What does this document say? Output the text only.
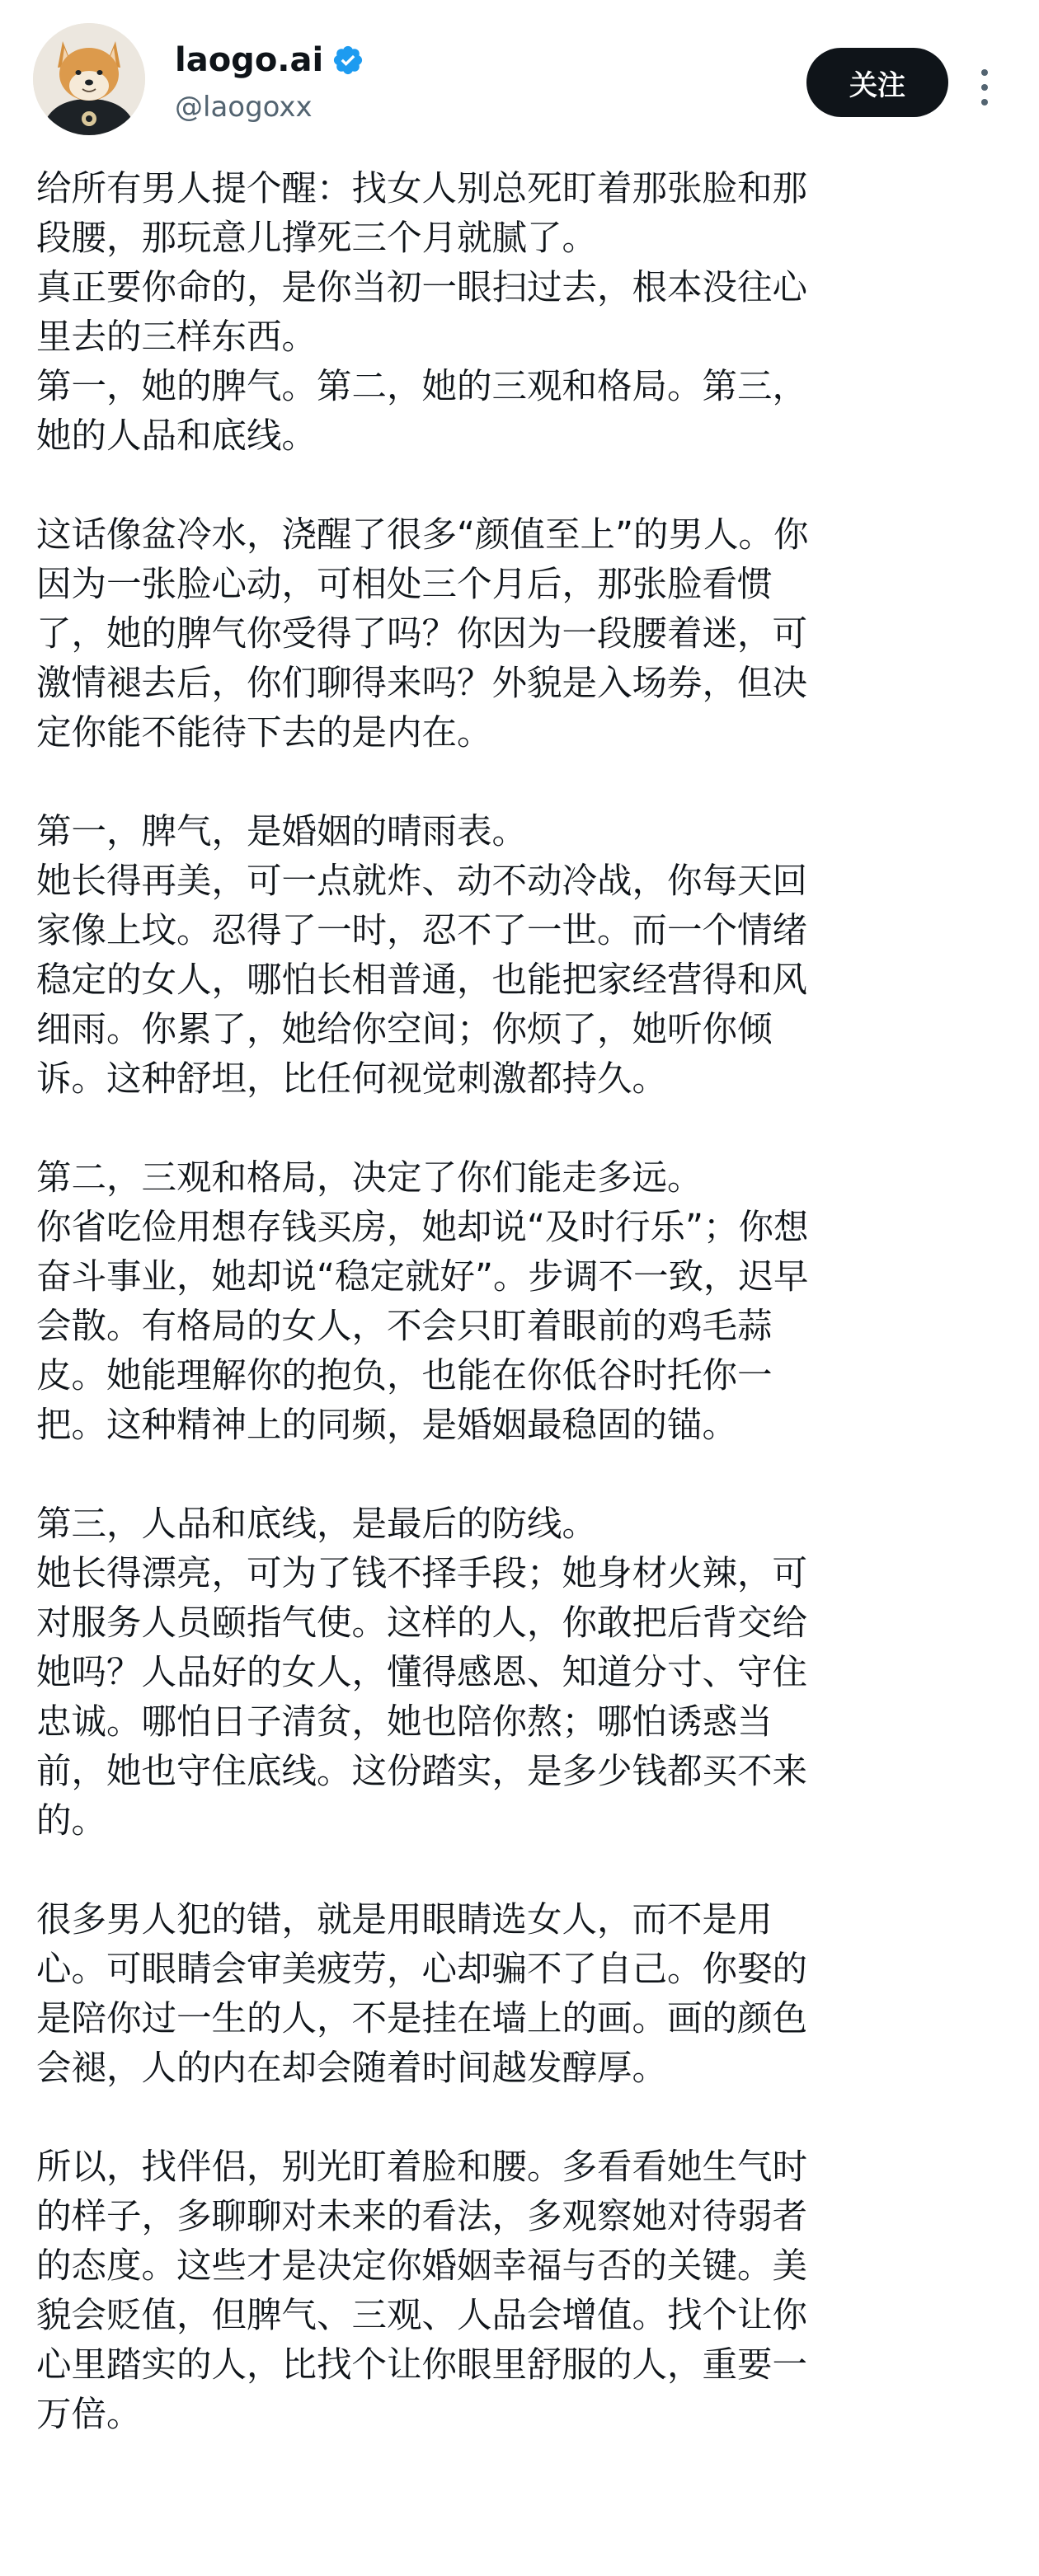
laogo.ai
@laogoxx
关注
给所有男人提个醒：找女人别总死盯着那张脸和那
段腰，那玩意儿撑死三个月就腻了。
真正要你命的，是你当初一眼扫过去，根本没往心
里去的三样东西。
第一，她的脾气。第二，她的三观和格局。第三，
她的人品和底线。
这话像盆冷水，浇醒了很多“颜值至上”的男人。你
因为一张脸心动，可相处三个月后，那张脸看惯
了，她的脾气你受得了吗？你因为一段腰着迷，可
激情褪去后，你们聊得来吗？外貌是入场券，但决
定你能不能待下去的是内在。
第一，脾气，是婚姻的晴雨表。
她长得再美，可一点就炸、动不动冷战，你每天回
家像上坟。忍得了一时，忍不了一世。而一个情绪
稳定的女人，哪怕长相普通，也能把家经营得和风
细雨。你累了，她给你空间；你烦了，她听你倾
诉。这种舒坦，比任何视觉刺激都持久。
第二，三观和格局，决定了你们能走多远。
你省吃俭用想存钱买房，她却说“及时行乐”；你想
奋斗事业，她却说“稳定就好”。步调不一致，迟早
会散。有格局的女人，不会只盯着眼前的鸡毛蒜
皮。她能理解你的抱负，也能在你低谷时托你一
把。这种精神上的同频，是婚姻最稳固的锚。
第三，人品和底线，是最后的防线。
她长得漂亮，可为了钱不择手段；她身材火辣，可
对服务人员颐指气使。这样的人，你敢把后背交给
她吗？人品好的女人，懂得感恩、知道分寸、守住
忠诚。哪怕日子清贫，她也陪你熬；哪怕诱惑当
前，她也守住底线。这份踏实，是多少钱都买不来
的。
很多男人犯的错，就是用眼睛选女人，而不是用
心。可眼睛会审美疲劳，心却骗不了自己。你娶的
是陪你过一生的人，不是挂在墙上的画。画的颜色
会褪，人的内在却会随着时间越发醇厚。
所以，找伴侣，别光盯着脸和腰。多看看她生气时
的样子，多聊聊对未来的看法，多观察她对待弱者
的态度。这些才是决定你婚姻幸福与否的关键。美
貌会贬值，但脾气、三观、人品会增值。找个让你
心里踏实的人，比找个让你眼里舒服的人，重要一
万倍。
